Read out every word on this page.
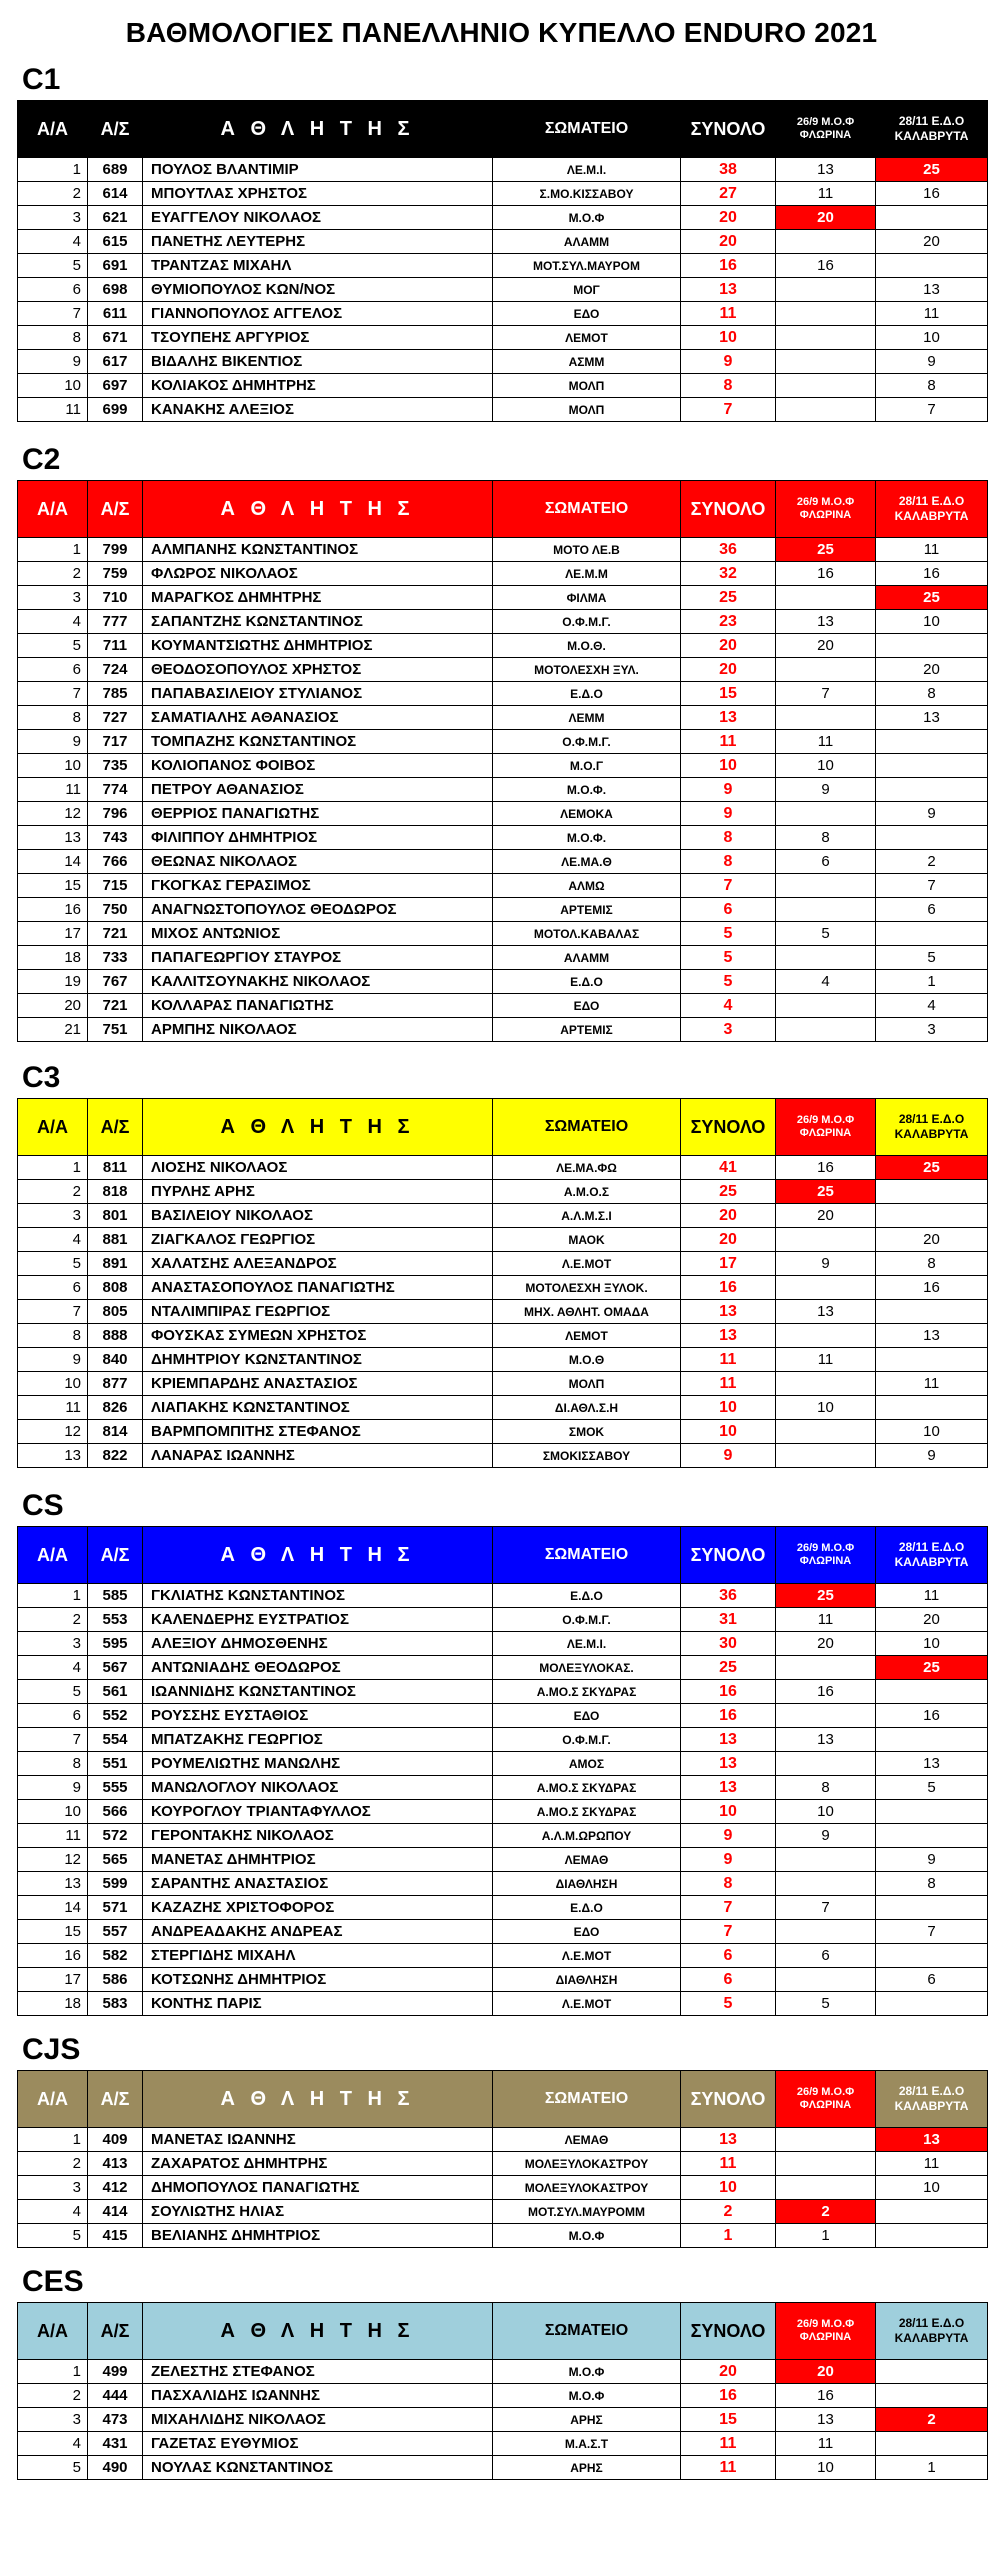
ΒΑΘΜΟΛΟΓΙΕΣ ΠΑΝΕΛΛΗΝΙΟ ΚΥΠΕΛΛΟ ENDURO 2021
C1
Α/Α	Α/Σ	Α Θ Λ Η Τ Η Σ	ΣΩΜΑΤΕΙΟ	ΣΥΝΟΛΟ	26/9 Μ.Ο.Φ ΦΛΩΡΙΝΑ	28/11 Ε.Δ.Ο ΚΑΛΑΒΡΥΤΑ
1	689	ΠΟΥΛΟΣ ΒΛΑΝΤΙΜΙΡ	ΛΕ.Μ.Ι.	38	13	25
2	614	ΜΠΟΥΤΛΑΣ ΧΡΗΣΤΟΣ	Σ.ΜΟ.ΚΙΣΣΑΒΟΥ	27	11	16
3	621	ΕΥΑΓΓΕΛΟΥ ΝΙΚΟΛΑΟΣ	Μ.Ο.Φ	20	20	
4	615	ΠΑΝΕΤΗΣ ΛΕΥΤΕΡΗΣ	ΑΛΑΜΜ	20		20
5	691	ΤΡΑΝΤΖΑΣ ΜΙΧΑΗΛ	ΜΟΤ.ΣΥΛ.ΜΑΥΡΟΜ	16	16	
6	698	ΘΥΜΙΟΠΟΥΛΟΣ ΚΩΝ/ΝΟΣ	ΜΟΓ	13		13
7	611	ΓΙΑΝΝΟΠΟΥΛΟΣ ΑΓΓΕΛΟΣ	ΕΔΟ	11		11
8	671	ΤΣΟΥΠΕΗΣ ΑΡΓΥΡΙΟΣ	ΛΕΜΟΤ	10		10
9	617	ΒΙΔΑΛΗΣ ΒΙΚΕΝΤΙΟΣ	ΑΣΜΜ	9		9
10	697	ΚΟΛΙΑΚΟΣ ΔΗΜΗΤΡΗΣ	ΜΟΛΠ	8		8
11	699	ΚΑΝΑΚΗΣ ΑΛΕΞΙΟΣ	ΜΟΛΠ	7		7
C2
Α/Α	Α/Σ	Α Θ Λ Η Τ Η Σ	ΣΩΜΑΤΕΙΟ	ΣΥΝΟΛΟ	26/9 Μ.Ο.Φ ΦΛΩΡΙΝΑ	28/11 Ε.Δ.Ο ΚΑΛΑΒΡΥΤΑ
1	799	ΑΛΜΠΑΝΗΣ ΚΩΝΣΤΑΝΤΙΝΟΣ	ΜΟΤΟ ΛΕ.Β	36	25	11
2	759	ΦΛΩΡΟΣ ΝΙΚΟΛΑΟΣ	ΛΕ.Μ.Μ	32	16	16
3	710	ΜΑΡΑΓΚΟΣ ΔΗΜΗΤΡΗΣ	ΦΙΛΜΑ	25		25
4	777	ΣΑΠΑΝΤΖΗΣ ΚΩΝΣΤΑΝΤΙΝΟΣ	Ο.Φ.Μ.Γ.	23	13	10
5	711	ΚΟΥΜΑΝΤΣΙΩΤΗΣ ΔΗΜΗΤΡΙΟΣ	Μ.Ο.Θ.	20	20	
6	724	ΘΕΟΔΟΣΟΠΟΥΛΟΣ ΧΡΗΣΤΟΣ	ΜΟΤΟΛΕΣΧΗ ΞΥΛ.	20		20
7	785	ΠΑΠΑΒΑΣΙΛΕΙΟΥ ΣΤΥΛΙΑΝΟΣ	Ε.Δ.Ο	15	7	8
8	727	ΣΑΜΑΤΙΑΛΗΣ ΑΘΑΝΑΣΙΟΣ	ΛΕΜΜ	13		13
9	717	ΤΟΜΠΑΖΗΣ ΚΩΝΣΤΑΝΤΙΝΟΣ	Ο.Φ.Μ.Γ.	11	11	
10	735	ΚΟΛΙΟΠΑΝΟΣ ΦΟΙΒΟΣ	Μ.Ο.Γ	10	10	
11	774	ΠΕΤΡΟΥ ΑΘΑΝΑΣΙΟΣ	Μ.Ο.Φ.	9	9	
12	796	ΘΕΡΡΙΟΣ ΠΑΝΑΓΙΩΤΗΣ	ΛΕΜΟΚΑ	9		9
13	743	ΦΙΛΙΠΠΟΥ ΔΗΜΗΤΡΙΟΣ	Μ.Ο.Φ.	8	8	
14	766	ΘΕΩΝΑΣ ΝΙΚΟΛΑΟΣ	ΛΕ.ΜΑ.Θ	8	6	2
15	715	ΓΚΟΓΚΑΣ ΓΕΡΑΣΙΜΟΣ	ΑΛΜΩ	7		7
16	750	ΑΝΑΓΝΩΣΤΟΠΟΥΛΟΣ ΘΕΟΔΩΡΟΣ	ΑΡΤΕΜΙΣ	6		6
17	721	ΜΙΧΟΣ ΑΝΤΩΝΙΟΣ	ΜΟΤΟΛ.ΚΑΒΑΛΑΣ	5	5	
18	733	ΠΑΠΑΓΕΩΡΓΙΟΥ ΣΤΑΥΡΟΣ	ΑΛΑΜΜ	5		5
19	767	ΚΑΛΛΙΤΣΟΥΝΑΚΗΣ ΝΙΚΟΛΑΟΣ	Ε.Δ.Ο	5	4	1
20	721	ΚΟΛΛΑΡΑΣ ΠΑΝΑΓΙΩΤΗΣ	ΕΔΟ	4		4
21	751	ΑΡΜΠΗΣ ΝΙΚΟΛΑΟΣ	ΑΡΤΕΜΙΣ	3		3
C3
Α/Α	Α/Σ	Α Θ Λ Η Τ Η Σ	ΣΩΜΑΤΕΙΟ	ΣΥΝΟΛΟ	26/9 Μ.Ο.Φ ΦΛΩΡΙΝΑ	28/11 Ε.Δ.Ο ΚΑΛΑΒΡΥΤΑ
1	811	ΛΙΟΣΗΣ ΝΙΚΟΛΑΟΣ	ΛΕ.ΜΑ.ΦΩ	41	16	25
2	818	ΠΥΡΛΗΣ ΑΡΗΣ	Α.Μ.Ο.Σ	25	25	
3	801	ΒΑΣΙΛΕΙΟΥ ΝΙΚΟΛΑΟΣ	Α.Λ.Μ.Σ.Ι	20	20	
4	881	ΖΙΑΓΚΑΛΟΣ ΓΕΩΡΓΙΟΣ	ΜΑΟΚ	20		20
5	891	ΧΑΛΑΤΣΗΣ ΑΛΕΞΑΝΔΡΟΣ	Λ.Ε.ΜΟΤ	17	9	8
6	808	ΑΝΑΣΤΑΣΟΠΟΥΛΟΣ ΠΑΝΑΓΙΩΤΗΣ	ΜΟΤΟΛΕΣΧΗ ΞΥΛΟΚ.	16		16
7	805	ΝΤΑΛΙΜΠΙΡΑΣ ΓΕΩΡΓΙΟΣ	ΜΗΧ. ΑΘΛΗΤ. ΟΜΑΔΑ	13	13	
8	888	ΦΟΥΣΚΑΣ ΣΥΜΕΩΝ ΧΡΗΣΤΟΣ	ΛΕΜΟΤ	13		13
9	840	ΔΗΜΗΤΡΙΟΥ ΚΩΝΣΤΑΝΤΙΝΟΣ	Μ.Ο.Θ	11	11	
10	877	ΚΡΙΕΜΠΑΡΔΗΣ ΑΝΑΣΤΑΣΙΟΣ	ΜΟΛΠ	11		11
11	826	ΛΙΑΠΑΚΗΣ ΚΩΝΣΤΑΝΤΙΝΟΣ	ΔΙ.ΑΘΛ.Σ.Η	10	10	
12	814	ΒΑΡΜΠΟΜΠΙΤΗΣ ΣΤΕΦΑΝΟΣ	ΣΜΟΚ	10		10
13	822	ΛΑΝΑΡΑΣ ΙΩΑΝΝΗΣ	ΣΜΟΚΙΣΣΑΒΟΥ	9		9
CS
Α/Α	Α/Σ	Α Θ Λ Η Τ Η Σ	ΣΩΜΑΤΕΙΟ	ΣΥΝΟΛΟ	26/9 Μ.Ο.Φ ΦΛΩΡΙΝΑ	28/11 Ε.Δ.Ο ΚΑΛΑΒΡΥΤΑ
1	585	ΓΚΛΙΑΤΗΣ ΚΩΝΣΤΑΝΤΙΝΟΣ	Ε.Δ.Ο	36	25	11
2	553	ΚΑΛΕΝΔΕΡΗΣ ΕΥΣΤΡΑΤΙΟΣ	Ο.Φ.Μ.Γ.	31	11	20
3	595	ΑΛΕΞΙΟΥ ΔΗΜΟΣΘΕΝΗΣ	ΛΕ.Μ.Ι.	30	20	10
4	567	ΑΝΤΩΝΙΑΔΗΣ ΘΕΟΔΩΡΟΣ	ΜΟΛΕΞΥΛΟΚΑΣ.	25		25
5	561	ΙΩΑΝΝΙΔΗΣ ΚΩΝΣΤΑΝΤΙΝΟΣ	Α.ΜΟ.Σ ΣΚΥΔΡΑΣ	16	16	
6	552	ΡΟΥΣΣΗΣ ΕΥΣΤΑΘΙΟΣ	ΕΔΟ	16		16
7	554	ΜΠΑΤΖΑΚΗΣ ΓΕΩΡΓΙΟΣ	Ο.Φ.Μ.Γ.	13	13	
8	551	ΡΟΥΜΕΛΙΩΤΗΣ ΜΑΝΩΛΗΣ	ΑΜΟΣ	13		13
9	555	ΜΑΝΩΛΟΓΛΟΥ ΝΙΚΟΛΑΟΣ	Α.ΜΟ.Σ ΣΚΥΔΡΑΣ	13	8	5
10	566	ΚΟΥΡΟΓΛΟΥ ΤΡΙΑΝΤΑΦΥΛΛΟΣ	Α.ΜΟ.Σ ΣΚΥΔΡΑΣ	10	10	
11	572	ΓΕΡΟΝΤΑΚΗΣ ΝΙΚΟΛΑΟΣ	Α.Λ.Μ.ΩΡΩΠΟΥ	9	9	
12	565	ΜΑΝΕΤΑΣ ΔΗΜΗΤΡΙΟΣ	ΛΕΜΑΘ	9		9
13	599	ΣΑΡΑΝΤΗΣ ΑΝΑΣΤΑΣΙΟΣ	ΔΙΑΘΛΗΣΗ	8		8
14	571	ΚΑΖΑΖΗΣ ΧΡΙΣΤΟΦΟΡΟΣ	Ε.Δ.Ο	7	7	
15	557	ΑΝΔΡΕΑΔΑΚΗΣ ΑΝΔΡΕΑΣ	ΕΔΟ	7		7
16	582	ΣΤΕΡΓΙΔΗΣ ΜΙΧΑΗΛ	Λ.Ε.ΜΟΤ	6	6	
17	586	ΚΟΤΣΩΝΗΣ ΔΗΜΗΤΡΙΟΣ	ΔΙΑΘΛΗΣΗ	6		6
18	583	ΚΟΝΤΗΣ ΠΑΡΙΣ	Λ.Ε.ΜΟΤ	5	5	
CJS
Α/Α	Α/Σ	Α Θ Λ Η Τ Η Σ	ΣΩΜΑΤΕΙΟ	ΣΥΝΟΛΟ	26/9 Μ.Ο.Φ ΦΛΩΡΙΝΑ	28/11 Ε.Δ.Ο ΚΑΛΑΒΡΥΤΑ
1	409	ΜΑΝΕΤΑΣ ΙΩΑΝΝΗΣ	ΛΕΜΑΘ	13		13
2	413	ΖΑΧΑΡΑΤΟΣ ΔΗΜΗΤΡΗΣ	ΜΟΛΕΞΥΛΟΚΑΣΤΡΟΥ	11		11
3	412	ΔΗΜΟΠΟΥΛΟΣ ΠΑΝΑΓΙΩΤΗΣ	ΜΟΛΕΞΥΛΟΚΑΣΤΡΟΥ	10		10
4	414	ΣΟΥΛΙΩΤΗΣ ΗΛΙΑΣ	ΜΟΤ.ΣΥΛ.ΜΑΥΡΟΜΜ	2	2	
5	415	ΒΕΛΙΑΝΗΣ ΔΗΜΗΤΡΙΟΣ	Μ.Ο.Φ	1	1	
CES
Α/Α	Α/Σ	Α Θ Λ Η Τ Η Σ	ΣΩΜΑΤΕΙΟ	ΣΥΝΟΛΟ	26/9 Μ.Ο.Φ ΦΛΩΡΙΝΑ	28/11 Ε.Δ.Ο ΚΑΛΑΒΡΥΤΑ
1	499	ΖΕΛΕΣΤΗΣ ΣΤΕΦΑΝΟΣ	Μ.Ο.Φ	20	20	
2	444	ΠΑΣΧΑΛΙΔΗΣ ΙΩΑΝΝΗΣ	Μ.Ο.Φ	16	16	
3	473	ΜΙΧΑΗΛΙΔΗΣ ΝΙΚΟΛΑΟΣ	ΑΡΗΣ	15	13	2
4	431	ΓΑΖΕΤΑΣ ΕΥΘΥΜΙΟΣ	Μ.Α.Σ.Τ	11	11	
5	490	ΝΟΥΛΑΣ ΚΩΝΣΤΑΝΤΙΝΟΣ	ΑΡΗΣ	11	10	1
